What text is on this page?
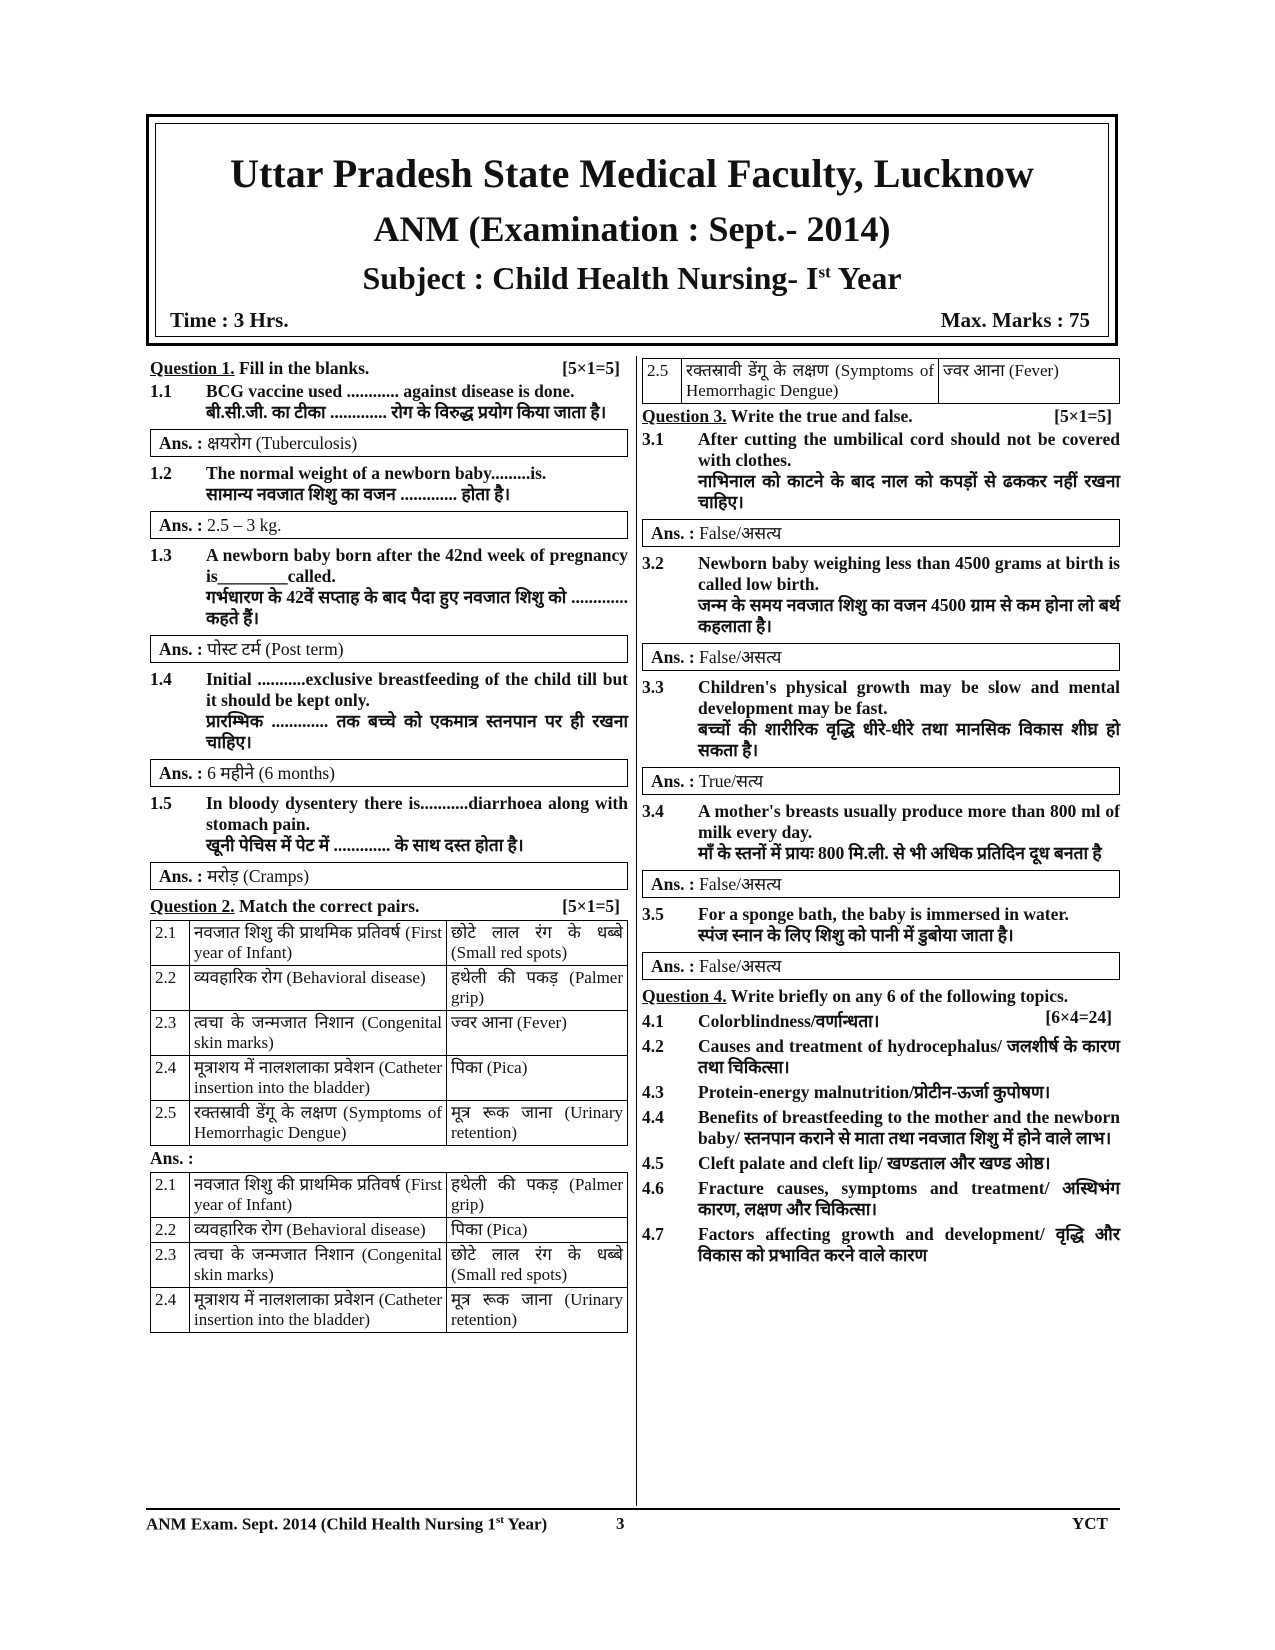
Uttar Pradesh State Medical Faculty, Lucknow
ANM (Examination : Sept.- 2014)
Subject : Child Health Nursing- Ist Year
Time : 3 Hrs.	Max. Marks : 75
Question 1. Fill in the blanks.	[5×1=5]
1.1	BCG vaccine used ............ against disease is done.
बी.सी.जी. का टीका ............. रोग के विरुद्ध प्रयोग किया जाता है।
Ans. : क्षयरोग (Tuberculosis)
1.2	The normal weight of a newborn baby.........is.
सामान्य नवजात शिशु का वजन ............. होता है।
Ans. : 2.5 – 3 kg.
1.3	A newborn baby born after the 42nd week of pregnancy is________called.
गर्भधारण के 42वें सप्ताह के बाद पैदा हुए नवजात शिशु को ............. कहते हैं।
Ans. : पोस्ट टर्म (Post term)
1.4	Initial ...........exclusive breastfeeding of the child till but it should be kept only.
प्रारम्भिक ............. तक बच्चे को एकमात्र स्तनपान पर ही रखना चाहिए।
Ans. : 6 महीने (6 months)
1.5	In bloody dysentery there is...........diarrhoea along with stomach pain.
खूनी पेचिस में पेट में ............. के साथ दस्त होता है।
Ans. : मरोड़ (Cramps)
Question 2. Match the correct pairs.	[5×1=5]
2.1	नवजात शिशु की प्राथमिक प्रतिवर्ष (First year of Infant)	छोटे लाल रंग के धब्बे (Small red spots)
2.2	व्यवहारिक रोग (Behavioral disease)	हथेली की पकड़ (Palmer grip)
2.3	त्वचा के जन्मजात निशान (Congenital skin marks)	ज्वर आना (Fever)
2.4	मूत्राशय में नालशलाका प्रवेशन (Catheter insertion into the bladder)	पिका (Pica)
2.5	रक्तस्रावी डेंगू के लक्षण (Symptoms of Hemorrhagic Dengue)	मूत्र रूक जाना (Urinary retention)
Ans. :
2.1	नवजात शिशु की प्राथमिक प्रतिवर्ष (First year of Infant)	हथेली की पकड़ (Palmer grip)
2.2	व्यवहारिक रोग (Behavioral disease)	पिका (Pica)
2.3	त्वचा के जन्मजात निशान (Congenital skin marks)	छोटे लाल रंग के धब्बे (Small red spots)
2.4	मूत्राशय में नालशलाका प्रवेशन (Catheter insertion into the bladder)	मूत्र रूक जाना (Urinary retention)
2.5	रक्तस्रावी डेंगू के लक्षण (Symptoms of Hemorrhagic Dengue)	ज्वर आना (Fever)
Question 3. Write the true and false.	[5×1=5]
3.1	After cutting the umbilical cord should not be covered with clothes.
नाभिनाल को काटने के बाद नाल को कपड़ों से ढककर नहीं रखना चाहिए।
Ans. : False/असत्य
3.2	Newborn baby weighing less than 4500 grams at birth is called low birth.
जन्म के समय नवजात शिशु का वजन 4500 ग्राम से कम होना लो बर्थ कहलाता है।
Ans. : False/असत्य
3.3	Children's physical growth may be slow and mental development may be fast.
बच्चों की शारीरिक वृद्धि धीरे-धीरे तथा मानसिक विकास शीघ्र हो सकता है।
Ans. : True/सत्य
3.4	A mother's breasts usually produce more than 800 ml of milk every day.
माँ के स्तनों में प्रायः 800 मि.ली. से भी अधिक प्रतिदिन दूध बनता है
Ans. : False/असत्य
3.5	For a sponge bath, the baby is immersed in water.
स्पंज स्नान के लिए शिशु को पानी में डुबोया जाता है।
Ans. : False/असत्य
Question 4. Write briefly on any 6 of the following topics.
[6×4=24]
4.1	Colorblindness/वर्णान्धता।
4.2	Causes and treatment of hydrocephalus/ जलशीर्ष के कारण तथा चिकित्सा।
4.3	Protein-energy malnutrition/प्रोटीन-ऊर्जा कुपोषण।
4.4	Benefits of breastfeeding to the mother and the newborn baby/ स्तनपान कराने से माता तथा नवजात शिशु में होने वाले लाभ।
4.5	Cleft palate and cleft lip/ खण्डताल और खण्ड ओष्ठ।
4.6	Fracture causes, symptoms and treatment/ अस्थिभंग कारण, लक्षण और चिकित्सा।
4.7	Factors affecting growth and development/ वृद्धि और विकास को प्रभावित करने वाले कारण
ANM Exam. Sept. 2014 (Child Health Nursing 1st Year)	3	YCT
